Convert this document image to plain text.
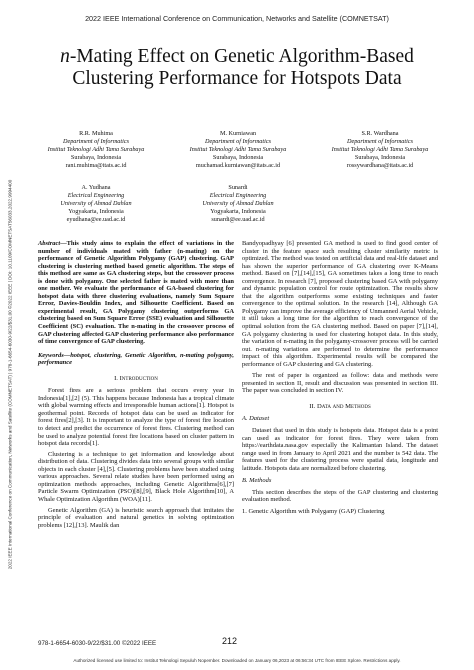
2022 IEEE International Conference on Communication, Networks and Satellite (COMNETSAT)
n-Mating Effect on Genetic Algorithm-Based
Clustering Performance for Hotspots Data
R.R. Muhima
Department of Informatics
Institut Teknologi Adhi Tama Surabaya
Surabaya, Indonesia
rani.muhima@itats.ac.id
M. Kurniawan
Department of Informatics
Institut Teknologi Adhi Tama Surabaya
Surabaya, Indonesia
muchamad.kurniawan@itats.ac.id
S.R. Wardhana
Department of Informatics
Institut Teknologi Adhi Tama Surabaya
Surabaya, Indonesia
rossywardhana@itats.ac.id
A. Yudhana
Electrical Engineering
University of Ahmad Dahlan
Yogyakarta, Indonesia
eyudhana@ee.uad.ac.id
Sunardi
Electrical Engineering
University of Ahmad Dahlan
Yogyakarta, Indonesia
sunardi@ee.uad.ac.id
2022 IEEE International Conference on Communication, Networks and Satellite (COMNETSAT) | 978-1-6654-6030-9/22/$31.00 ©2022 IEEE | DOI: 10.1109/COMNETSAT56033.2022.9994400	Abstract—This study aims to explain the effect of variations in the number of individuals mated with father (n-mating) on the performance of Genetic Algorithm Polygamy (GAP) clustering. GAP clustering is clustering method based genetic algorithm. The steps of this method are same as GA clustering steps, but the crossover process is done with polygamy. One selected father is mated with more than one mother. We evaluate the performance of GA-based clustering for hotspot data with three clustering evaluations, namely Sum Square Error, Davies-Bouldin Index, and Silhouette Coefficient. Based on experimental result, GA Polygamy clustering outperforms GA clustering based on Sum Square Error (SSE) evaluation and Silhouette Coefficient (SC) evaluation. The n-mating in the crossover process of GAP clustering affected GAP clustering performance also performance of time convergence of GAP clustering.
Keywords—hotspot, clustering, Genetic Algorithm, n-mating polygamy, performance
I. Introduction
Forest fires are a serious problem that occurs every year in Indonesia[1],[2] (5). This happens because Indonesia has a tropical climate with global warming effects and irresponsible human actions[1]. Hotspot is geothermal point. Records of hotspot data can be used as indicator for forest fires[2],[3]. It is important to analyze the type of forest fire location to detect and predict the occurrence of forest fires. Clustering method can be used to analyze potential forest fire locations based on cluster pattern in hotspot data records[1].
Clustering is a technique to get information and knowledge about distribution of data. Clustering divides data into several groups with similar objects in each cluster [4],[5]. Clustering problems have been studied using various approaches. Several relate studies have been performed using an optimization methods approaches, including Genetic Algorithms[6],[7] Particle Swarm Optimization (PSO)[8],[9], Black Hole Algorithm[10], A Whale Optimization Algorithm (WOA)[11].
Genetic Algorithm (GA) is heuristic search approach that imitates the principle of evaluation and natural genetics in solving optimization problems [12],[13]. Maulik dan
Bandyopadhyay [6] presented GA method is used to find good center of cluster in the feature space such resulting cluster similarity metric is optimized. The method was tested on artificial data and real-life dataset and has shown the superior performance of GA clustering over K-Means method. Based on [7],[14],[15], GA sometimes takes a long time to reach convergence. In research [7], proposed clustering based GA with polygamy and dynamic population control for route optimization. The results show that the algorithm outperforms some existing techniques and faster convergence to the optimal solution. In the research [14], Although GA Polygamy can improve the average efficiency of Unmanned Aerial Vehicle, it still takes a long time for the algorithm to reach convergence of the optimal solution from the GA clustering method. Based on paper [7],[14], GA polygamy clustering is used for clustering hotspot data. In this study, the variation of n-mating in the polygamy-crossover process will be carried out. n-mating variations are performed to determine the performance impact of this algorithm. Experimental results will be compared the performance of GAP clustering and GA clustering.
The rest of paper is organized as follow: data and methods were presented in section II, result and discussion was presented in section III. The paper was concluded in section IV.
II. Data and Methods
A. Dataset
Dataset that used in this study is hotspots data. Hotspot data is a point can used as indicator for forest fires. They were taken from https://earthdata.nasa.gov especially the Kalimantan Island. The dataset range used in from January to April 2021 and the number is 542 data. The features used for the clustering process were spatial data, longitude and latitude. Hotspots data are normalized before clustering.
B. Methods
This section describes the steps of the GAP clustering and clustering evaluation method.
1. Genetic Algorithm with Polygamy (GAP) Clustering
978-1-6654-6030-9/22/$31.00 ©2022 IEEE	212
Authorized licensed use limited to: Institut Teknologi Sepuluh Nopember. Downloaded on January 06,2023 at 06:56:34 UTC from IEEE Xplore. Restrictions apply.
